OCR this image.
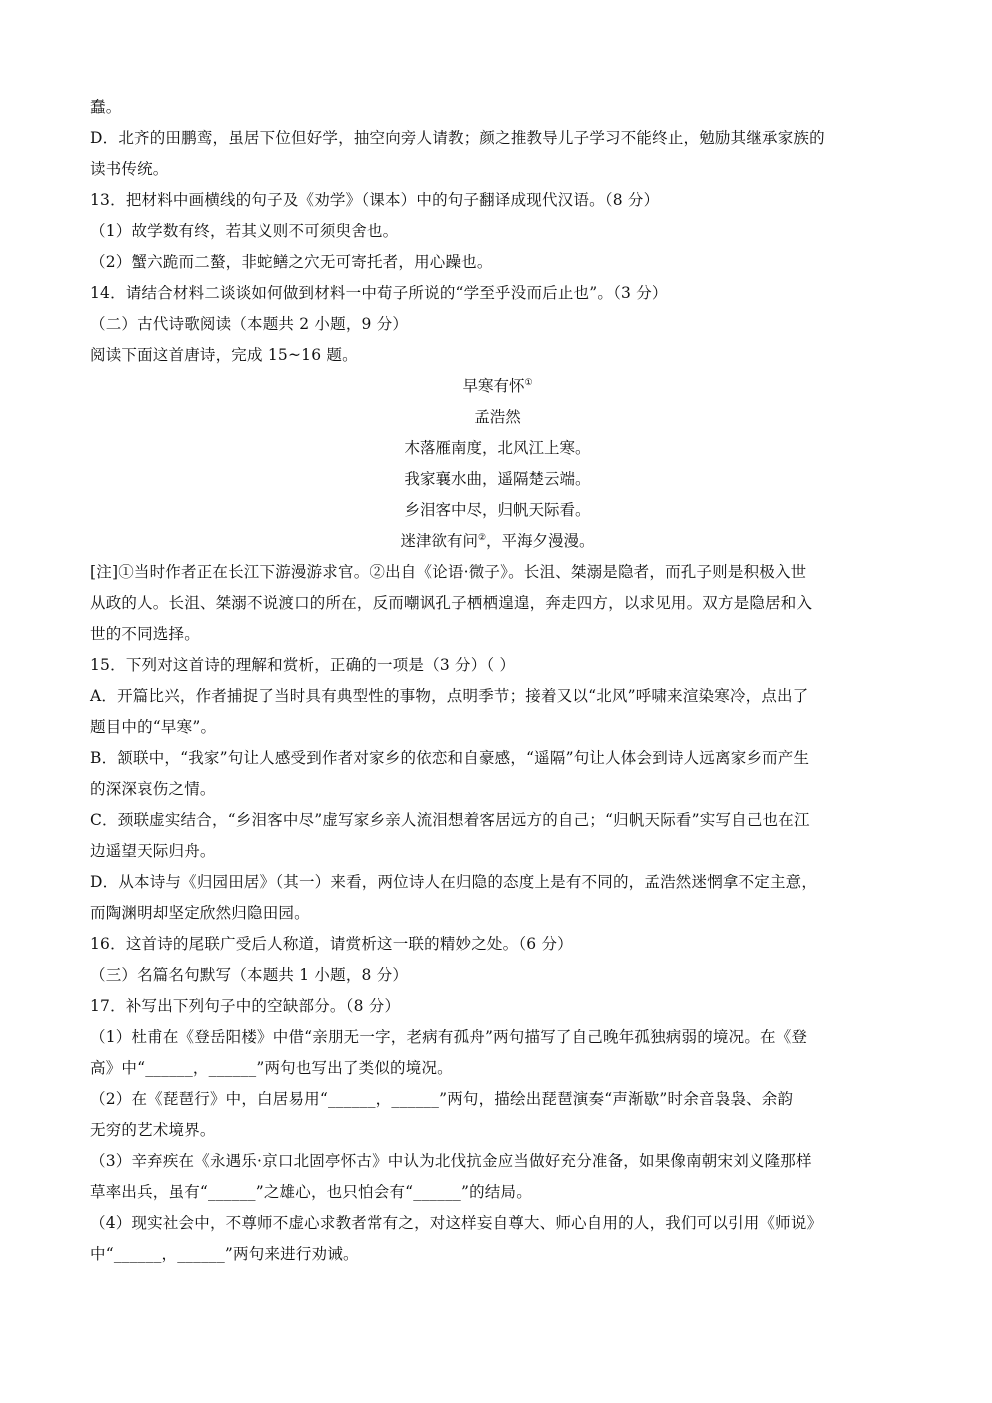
蠢。
D．北齐的田鹏鸾，虽居下位但好学，抽空向旁人请教；颜之推教导儿子学习不能终止，勉励其继承家族的
读书传统。
13．把材料中画横线的句子及《劝学》（课本）中的句子翻译成现代汉语。（8 分）
（1）故学数有终，若其义则不可须臾舍也。
（2）蟹六跪而二螯，非蛇鳝之穴无可寄托者，用心躁也。
14．请结合材料二谈谈如何做到材料一中荀子所说的“学至乎没而后止也”。（3 分）
（二）古代诗歌阅读（本题共 2 小题，9 分）
阅读下面这首唐诗，完成 15~16 题。
早寒有怀①
孟浩然
木落雁南度，北风江上寒。
我家襄水曲，遥隔楚云端。
乡泪客中尽，归帆天际看。
迷津欲有问②，平海夕漫漫。
[注]①当时作者正在长江下游漫游求官。②出自《论语·微子》。长沮、桀溺是隐者，而孔子则是积极入世
从政的人。长沮、桀溺不说渡口的所在，反而嘲讽孔子栖栖遑遑，奔走四方，以求见用。双方是隐居和入
世的不同选择。
15．下列对这首诗的理解和赏析，正确的一项是（3 分）（ ）
A．开篇比兴，作者捕捉了当时具有典型性的事物，点明季节；接着又以“北风”呼啸来渲染寒冷，点出了
题目中的“早寒”。
B．颔联中，“我家”句让人感受到作者对家乡的依恋和自豪感，“遥隔”句让人体会到诗人远离家乡而产生
的深深哀伤之情。
C．颈联虚实结合，“乡泪客中尽”虚写家乡亲人流泪想着客居远方的自己；“归帆天际看”实写自己也在江
边遥望天际归舟。
D．从本诗与《归园田居》（其一）来看，两位诗人在归隐的态度上是有不同的，孟浩然迷惘拿不定主意，
而陶渊明却坚定欣然归隐田园。
16．这首诗的尾联广受后人称道，请赏析这一联的精妙之处。（6 分）
（三）名篇名句默写（本题共 1 小题，8 分）
17．补写出下列句子中的空缺部分。（8 分）
（1）杜甫在《登岳阳楼》中借“亲朋无一字，老病有孤舟”两句描写了自己晚年孤独病弱的境况。在《登
高》中“______，______”两句也写出了类似的境况。
（2）在《琵琶行》中，白居易用“______，______”两句，描绘出琵琶演奏“声渐歇”时余音袅袅、余韵
无穷的艺术境界。
（3）辛弃疾在《永遇乐·京口北固亭怀古》中认为北伐抗金应当做好充分准备，如果像南朝宋刘义隆那样
草率出兵，虽有“______”之雄心，也只怕会有“______”的结局。
（4）现实社会中，不尊师不虚心求教者常有之，对这样妄自尊大、师心自用的人，我们可以引用《师说》
中“______，______”两句来进行劝诫。
